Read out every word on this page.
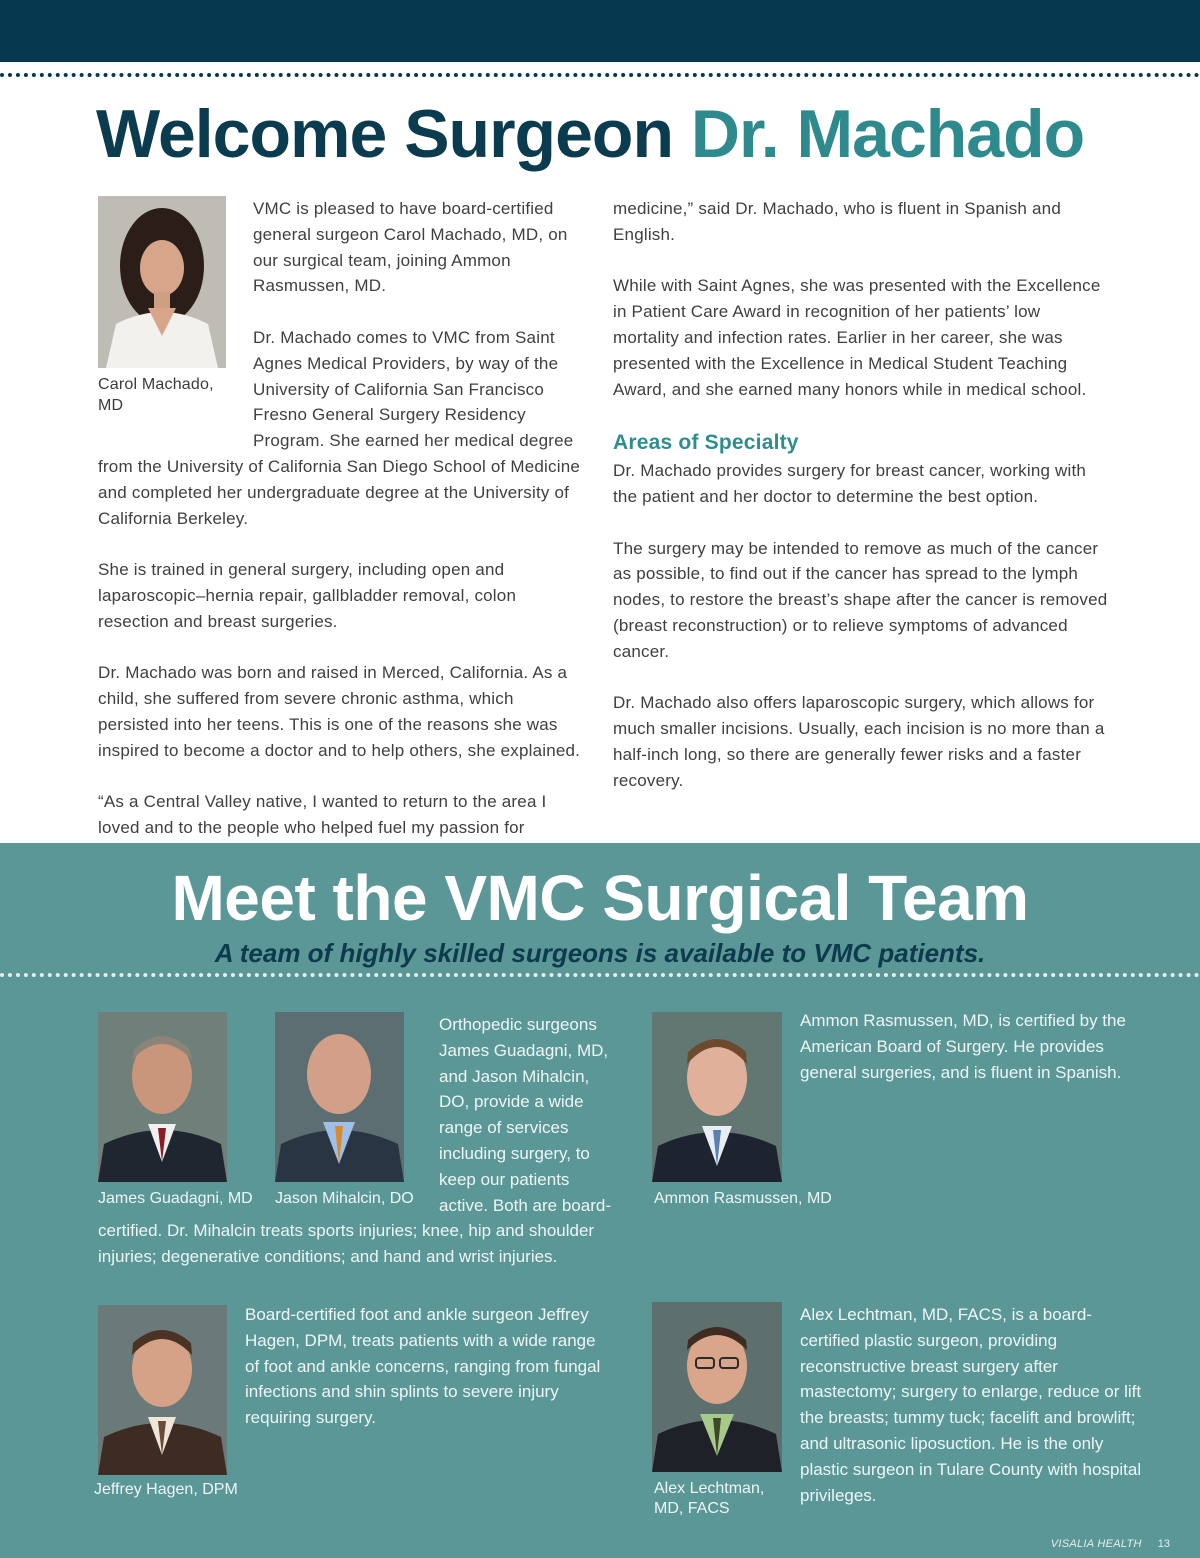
Welcome Surgeon Dr. Machado
Carol Machado, MD

VMC is pleased to have board-certified general surgeon Carol Machado, MD, on our surgical team, joining Ammon Rasmussen, MD.

Dr. Machado comes to VMC from Saint Agnes Medical Providers, by way of the University of California San Francisco Fresno General Surgery Residency Program. She earned her medical degree from the University of California San Diego School of Medicine and completed her undergraduate degree at the University of California Berkeley.

She is trained in general surgery, including open and laparoscopic–hernia repair, gallbladder removal, colon resection and breast surgeries.

Dr. Machado was born and raised in Merced, California. As a child, she suffered from severe chronic asthma, which persisted into her teens. This is one of the reasons she was inspired to become a doctor and to help others, she explained.

“As a Central Valley native, I wanted to return to the area I loved and to the people who helped fuel my passion for

medicine,” said Dr. Machado, who is fluent in Spanish and English.

While with Saint Agnes, she was presented with the Excellence in Patient Care Award in recognition of her patients’ low mortality and infection rates. Earlier in her career, she was presented with the Excellence in Medical Student Teaching Award, and she earned many honors while in medical school.

Areas of Specialty

Dr. Machado provides surgery for breast cancer, working with the patient and her doctor to determine the best option.

The surgery may be intended to remove as much of the cancer as possible, to find out if the cancer has spread to the lymph nodes, to restore the breast’s shape after the cancer is removed (breast reconstruction) or to relieve symptoms of advanced cancer.

Dr. Machado also offers laparoscopic surgery, which allows for much smaller incisions. Usually, each incision is no more than a half-inch long, so there are generally fewer risks and a faster recovery.

Meet the VMC Surgical Team
A team of highly skilled surgeons is available to VMC patients.
James Guadagni, MD Jason Mihalcin, DO

Orthopedic surgeons

James Guadagni, MD,

and Jason Mihalcin,

DO, provide a wide

range of services

including surgery, to

keep our patients

active. Both are board-

certified. Dr. Mihalcin treats sports injuries; knee, hip and shoulder

injuries; degenerative conditions; and hand and wrist injuries.

Ammon Rasmussen, MD
Ammon Rasmussen, MD, is certified by the American Board of Surgery. He provides general surgeries, and is fluent in Spanish.
Jeffrey Hagen, DPM
Board-certified foot and ankle surgeon Jeffrey Hagen, DPM, treats patients with a wide range of foot and ankle concerns, ranging from fungal infections and shin splints to severe injury requiring surgery.
Alex Lechtman, MD, FACS
Alex Lechtman, MD, FACS, is a board-certified plastic surgeon, providing reconstructive breast surgery after mastectomy; surgery to enlarge, reduce or lift the breasts; tummy tuck; facelift and browlift; and ultrasonic liposuction. He is the only plastic surgeon in Tulare County with hospital privileges.
VISALIA HEALTH 13
